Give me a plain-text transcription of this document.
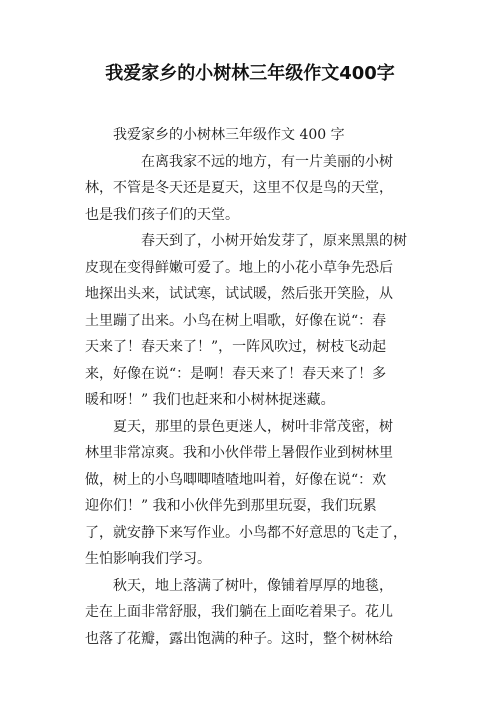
我爱家乡的小树林三年级作文400字
我爱家乡的小树林三年级作文 400 字
在离我家不远的地方，有一片美丽的小树
林，不管是冬天还是夏天，这里不仅是鸟的天堂，
也是我们孩子们的天堂。
春天到了，小树开始发芽了，原来黑黑的树
皮现在变得鲜嫩可爱了。地上的小花小草争先恐后
地探出头来，试试寒，试试暖，然后张开笑脸，从
土里蹦了出来。小鸟在树上唱歌，好像在说“：春
天来了！春天来了！”，一阵风吹过，树枝飞动起
来，好像在说“：是啊！春天来了！春天来了！多
暖和呀！” 我们也赶来和小树林捉迷藏。
夏天，那里的景色更迷人，树叶非常茂密，树
林里非常凉爽。我和小伙伴带上暑假作业到树林里
做，树上的小鸟唧唧喳喳地叫着，好像在说“：欢
迎你们！” 我和小伙伴先到那里玩耍，我们玩累
了，就安静下来写作业。小鸟都不好意思的飞走了，
生怕影响我们学习。
秋天，地上落满了树叶，像铺着厚厚的地毯，
走在上面非常舒服，我们躺在上面吃着果子。花儿
也落了花瓣，露出饱满的种子。这时，整个树林给
